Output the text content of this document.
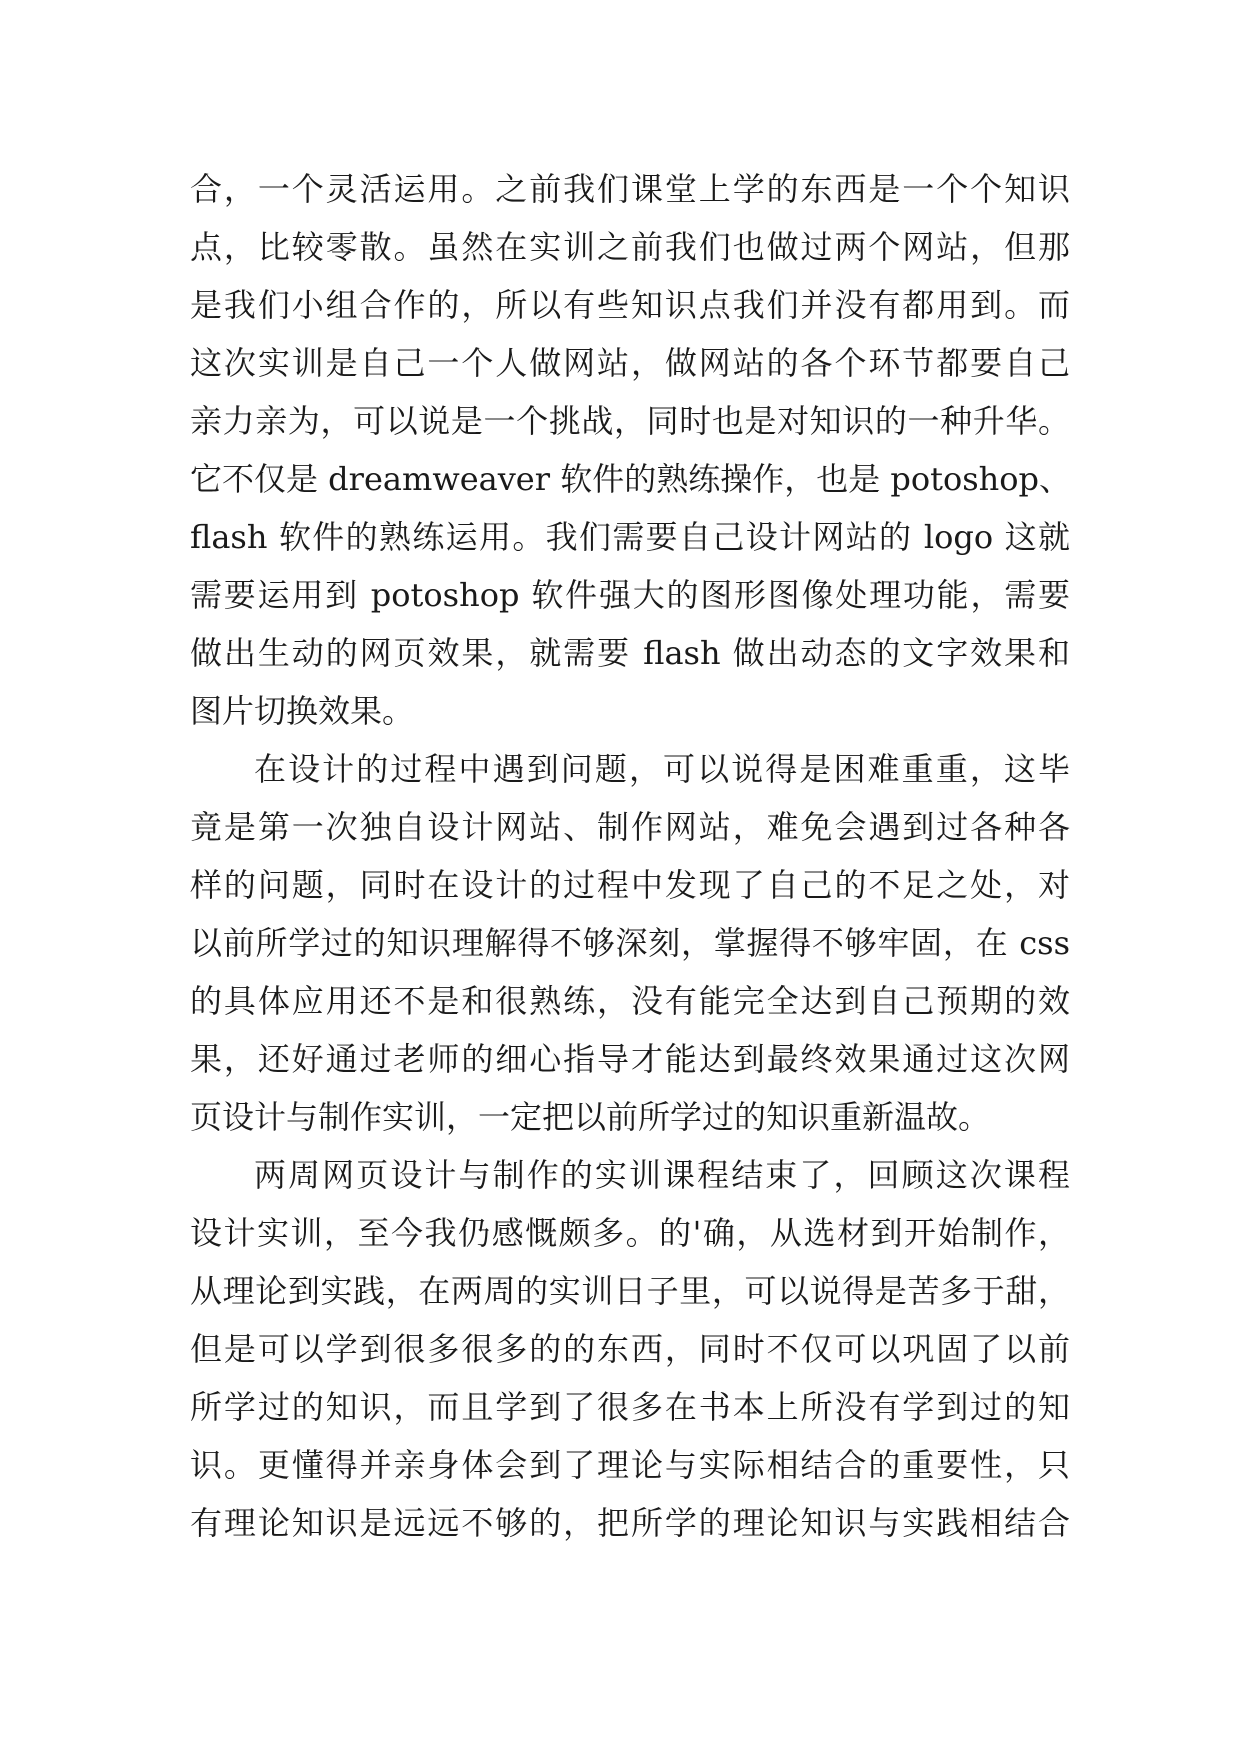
合，一个灵活运用。之前我们课堂上学的东西是一个个知识
点，比较零散。虽然在实训之前我们也做过两个网站，但那
是我们小组合作的，所以有些知识点我们并没有都用到。而
这次实训是自己一个人做网站，做网站的各个环节都要自己
亲力亲为，可以说是一个挑战，同时也是对知识的一种升华。
它不仅是 dreamweaver 软件的熟练操作，也是 potoshop、
flash 软件的熟练运用。我们需要自己设计网站的 logo 这就
需要运用到 potoshop 软件强大的图形图像处理功能，需要
做出生动的网页效果，就需要 flash 做出动态的文字效果和
图片切换效果。
在设计的过程中遇到问题，可以说得是困难重重，这毕
竟是第一次独自设计网站、制作网站，难免会遇到过各种各
样的问题，同时在设计的过程中发现了自己的不足之处，对
以前所学过的知识理解得不够深刻，掌握得不够牢固，在 css
的具体应用还不是和很熟练，没有能完全达到自己预期的效
果，还好通过老师的细心指导才能达到最终效果通过这次网
页设计与制作实训，一定把以前所学过的知识重新温故。
两周网页设计与制作的实训课程结束了，回顾这次课程
设计实训，至今我仍感慨颇多。的'确，从选材到开始制作，
从理论到实践，在两周的实训日子里，可以说得是苦多于甜，
但是可以学到很多很多的的东西，同时不仅可以巩固了以前
所学过的知识，而且学到了很多在书本上所没有学到过的知
识。更懂得并亲身体会到了理论与实际相结合的重要性，只
有理论知识是远远不够的，把所学的理论知识与实践相结合
